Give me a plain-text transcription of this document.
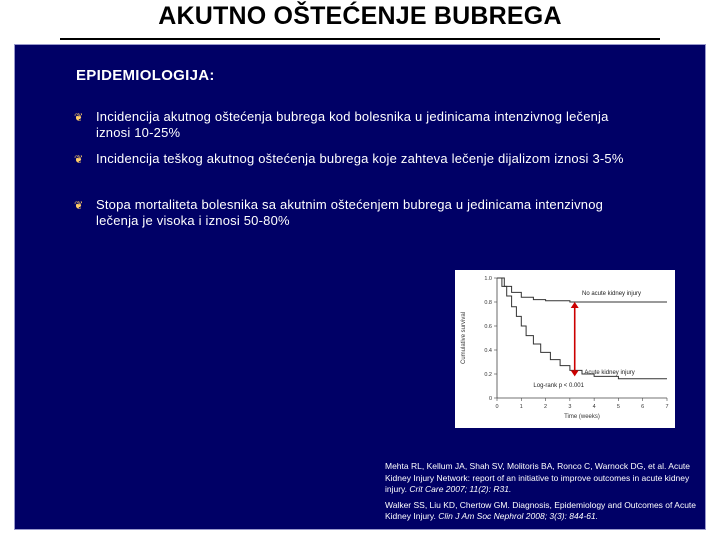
AKUTNO OŠTEĆENJE BUBREGA
EPIDEMIOLOGIJA:
❦ Incidencija akutnog oštećenja bubrega kod bolesnika u jedinicama intenzivnog lečenja iznosi 10-25%
❦ Incidencija teškog akutnog oštećenja bubrega koje zahteva lečenje dijalizom iznosi 3-5%
❦ Stopa mortaliteta bolesnika sa akutnim oštećenjem bubrega u jedinicama intenzivnog lečenja je visoka i iznosi 50-80%
0
0.2
0.4
0.6
0.8
1.0
0	1	2	3	4	5	6	7
Time (weeks)
Cumulative survival
No acute kidney injury
Acute kidney injury
Log-rank p < 0.001

Mehta RL, Kellum JA, Shah SV, Molitoris BA, Ronco C, Warnock DG, et al. Acute Kidney Injury Network: report of an initiative to improve outcomes in acute kidney injury. Crit Care 2007; 11(2): R31.

Walker SS, Liu KD, Chertow GM. Diagnosis, Epidemiology and Outcomes of Acute Kidney Injury. Clin J Am Soc Nephrol 2008; 3(3): 844-61.
